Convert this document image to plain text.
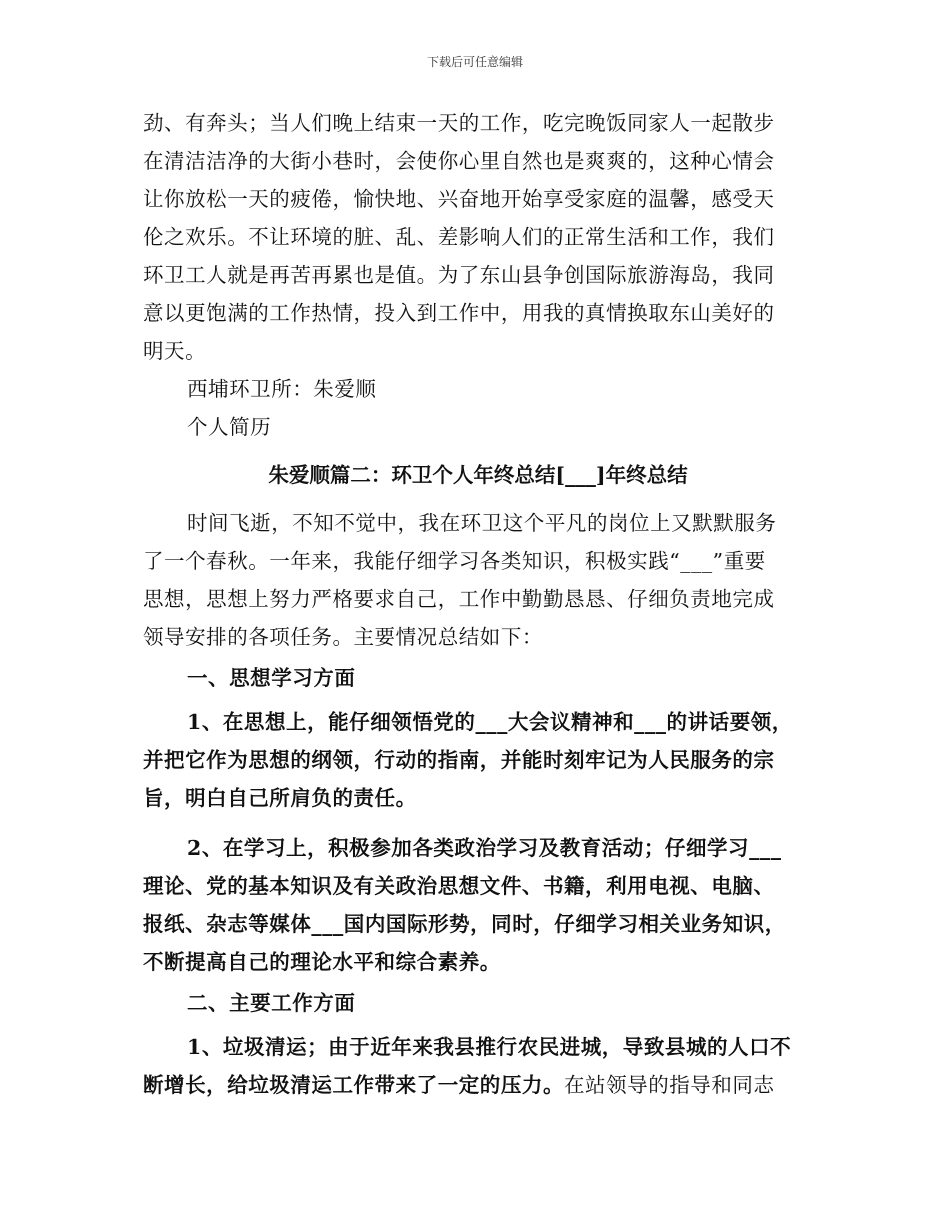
下载后可任意编辑
劲、有奔头；当人们晚上结束一天的工作，吃完晚饭同家人一起散步
在清洁洁净的大街小巷时，会使你心里自然也是爽爽的，这种心情会
让你放松一天的疲倦，愉快地、兴奋地开始享受家庭的温馨，感受天
伦之欢乐。不让环境的脏、乱、差影响人们的正常生活和工作，我们
环卫工人就是再苦再累也是值。为了东山县争创国际旅游海岛，我同
意以更饱满的工作热情，投入到工作中，用我的真情换取东山美好的
明天。
西埔环卫所：朱爱顺
个人简历
朱爱顺篇二：环卫个人年终总结[___]年终总结
时间飞逝，不知不觉中，我在环卫这个平凡的岗位上又默默服务
了一个春秋。一年来，我能仔细学习各类知识，积极实践“___”重要
思想，思想上努力严格要求自己，工作中勤勤恳恳、仔细负责地完成
领导安排的各项任务。主要情况总结如下：
一、思想学习方面
1、在思想上，能仔细领悟党的___大会议精神和___的讲话要领，
并把它作为思想的纲领，行动的指南，并能时刻牢记为人民服务的宗
旨，明白自己所肩负的责任。
2、在学习上，积极参加各类政治学习及教育活动；仔细学习___
理论、党的基本知识及有关政治思想文件、书籍，利用电视、电脑、
报纸、杂志等媒体___国内国际形势，同时，仔细学习相关业务知识，
不断提高自己的理论水平和综合素养。
二、主要工作方面
1、垃圾清运；由于近年来我县推行农民进城，导致县城的人口不
断增长，给垃圾清运工作带来了一定的压力。在站领导的指导和同志
